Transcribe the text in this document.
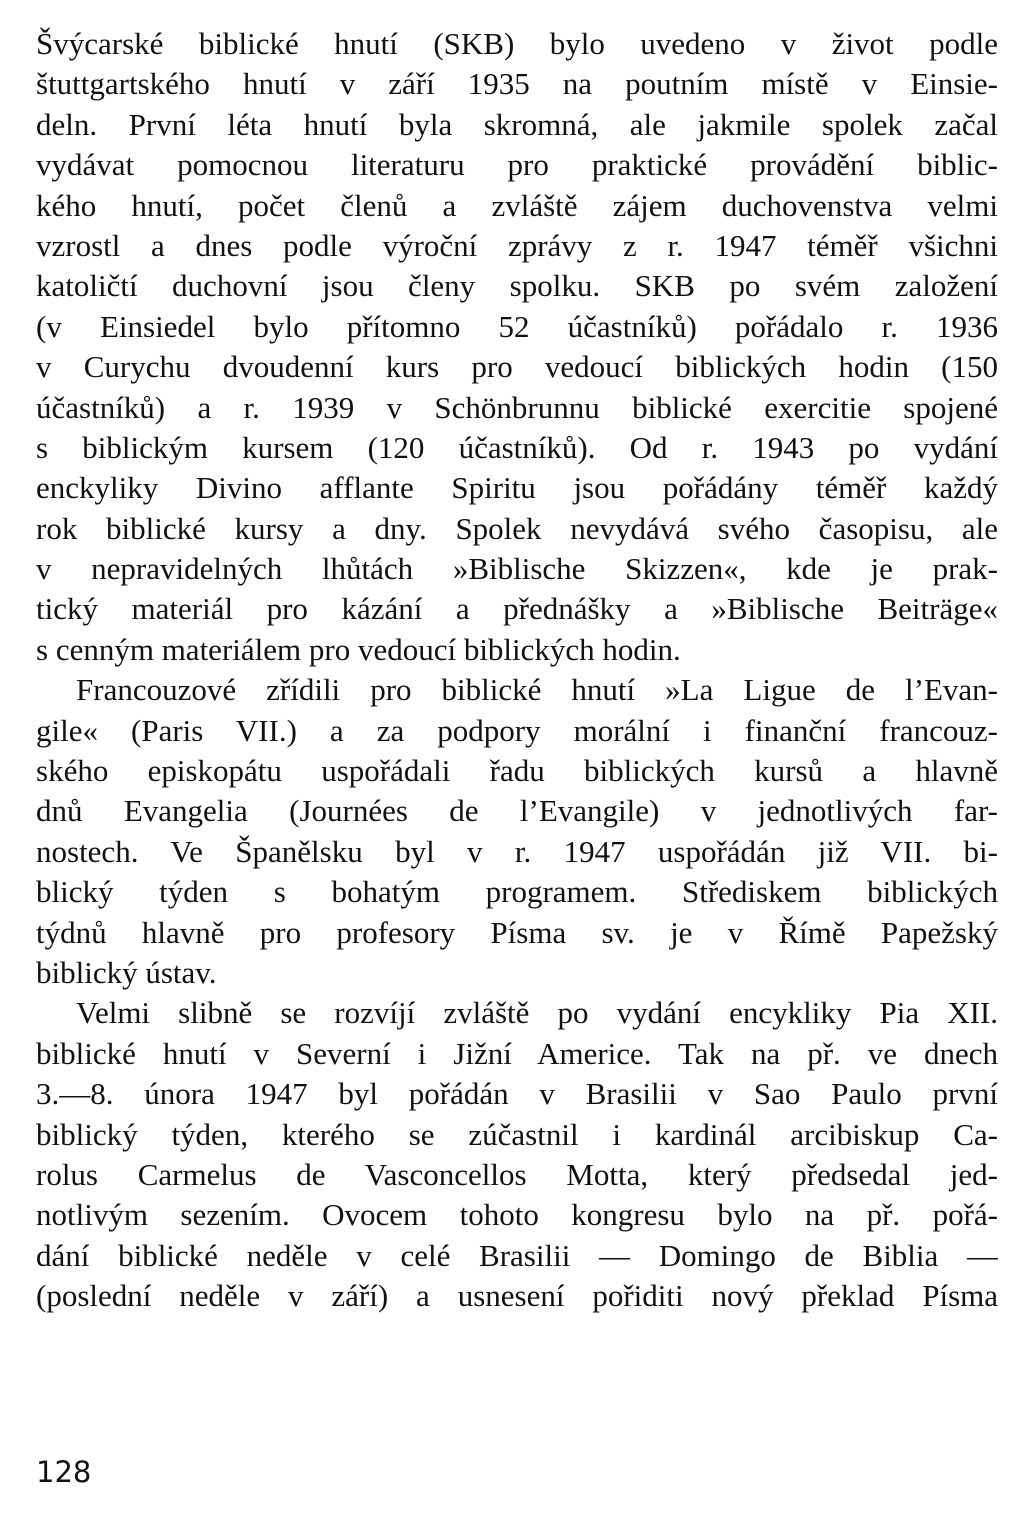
Švýcarské biblické hnutí (SKB) bylo uvedeno v život podle
štuttgartského hnutí v září 1935 na poutním místě v Einsie-
deln. První léta hnutí byla skromná, ale jakmile spolek začal
vydávat pomocnou literaturu pro praktické provádění biblic-
kého hnutí, počet členů a zvláště zájem duchovenstva velmi
vzrostl a dnes podle výroční zprávy z r. 1947 téměř všichni
katoličtí duchovní jsou členy spolku. SKB po svém založení
(v Einsiedel bylo přítomno 52 účastníků) pořádalo r. 1936
v Curychu dvoudenní kurs pro vedoucí biblických hodin (150
účastníků) a r. 1939 v Schönbrunnu biblické exercitie spojené
s biblickým kursem (120 účastníků). Od r. 1943 po vydání
enckyliky Divino afflante Spiritu jsou pořádány téměř každý
rok biblické kursy a dny. Spolek nevydává svého časopisu, ale
v nepravidelných lhůtách »Biblische Skizzen«, kde je prak-
tický materiál pro kázání a přednášky a »Biblische Beiträge«
s cenným materiálem pro vedoucí biblických hodin.
Francouzové zřídili pro biblické hnutí »La Ligue de l’Evan-
gile« (Paris VII.) a za podpory morální i finanční francouz-
ského episkopátu uspořádali řadu biblických kursů a hlavně
dnů Evangelia (Journées de l’Evangile) v jednotlivých far-
nostech. Ve Španělsku byl v r. 1947 uspořádán již VII. bi-
blický týden s bohatým programem. Střediskem biblických
týdnů hlavně pro profesory Písma sv. je v Římě Papežský
biblický ústav.
Velmi slibně se rozvíjí zvláště po vydání encykliky Pia XII.
biblické hnutí v Severní i Jižní Americe. Tak na př. ve dnech
3.—8. února 1947 byl pořádán v Brasilii v Sao Paulo první
biblický týden, kterého se zúčastnil i kardinál arcibiskup Ca-
rolus Carmelus de Vasconcellos Motta, který předsedal jed-
notlivým sezením. Ovocem tohoto kongresu bylo na př. pořá-
dání biblické neděle v celé Brasilii — Domingo de Biblia —
(poslední neděle v září) a usnesení pořiditi nový překlad Písma
128
